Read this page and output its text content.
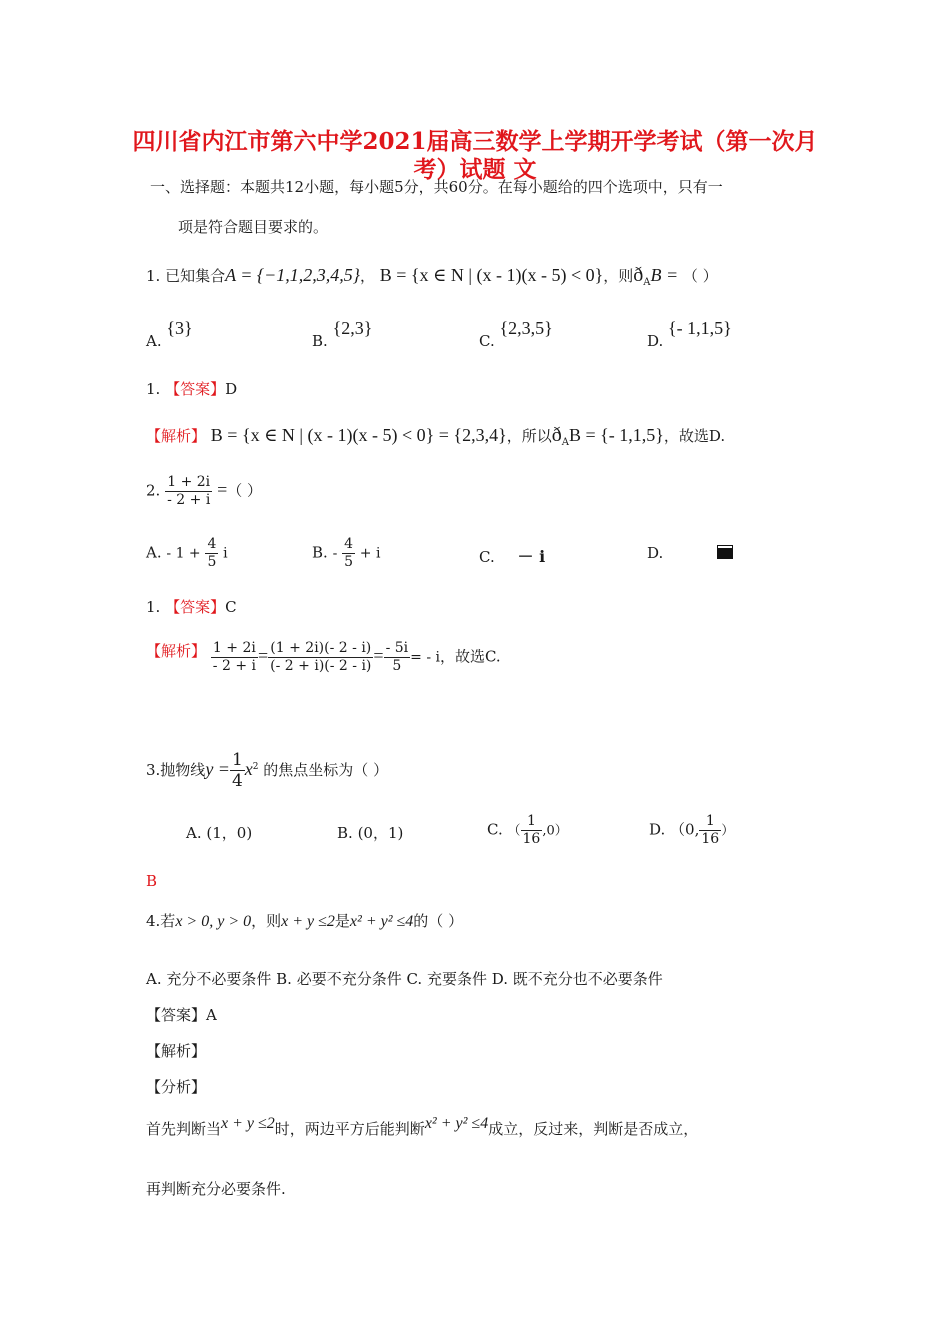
四川省内江市第六中学2021届高三数学上学期开学考试（第一次月
考）试题 文
一、选择题：本题共12小题，每小题5分，共60分。在每小题给的四个选项中，只有一
项是符合题目要求的。
1. 已知集合A = {−1,1,2,3,4,5}， B = {x ∈ N | (x - 1)(x - 5) < 0}，则$ð_AB$ = （ ）
A. {3}
B. {2,3}
C. {2,3,5}
D. {- 1,1,5}
1. 【答案】D
【解析】 B = {x ∈ N | (x - 1)(x - 5) < 0} = {2,3,4}，所以$ð_AB$ = {- 1,1,5}，故选D.
2. $\frac{1 + 2i}{- 2 + i}$ =（ ）
A. - $1 + \frac{4}{5}$ i	B. - $\frac{4}{5} + i$	C. － i	D.
1. 【答案】C
【解析】 $\frac{1 + 2i}{- 2 + i} = \frac{(1 + 2i)(- 2 - i)}{(- 2 + i)(- 2 - i)} = \frac{- 5i}{5}$ = - i，故选C.
3.抛物线$y = \frac{1}{4} x^2$ 的焦点坐标为（ ）
A. (1，0)	B. (0，1)	C. （ $\frac{1}{16} ,0$）	D. （0, $\frac{1}{16}$ ）
B
4.若x > 0, y > 0，则x + y ≤2是x² + y² ≤4的（ ）
A. 充分不必要条件 B. 必要不充分条件 C. 充要条件 D. 既不充分也不必要条件
【答案】A
【解析】
【分析】
首先判断当x + y ≤2时，两边平方后能判断x² + y² ≤4成立，反过来，判断是否成立，
再判断充分必要条件.
